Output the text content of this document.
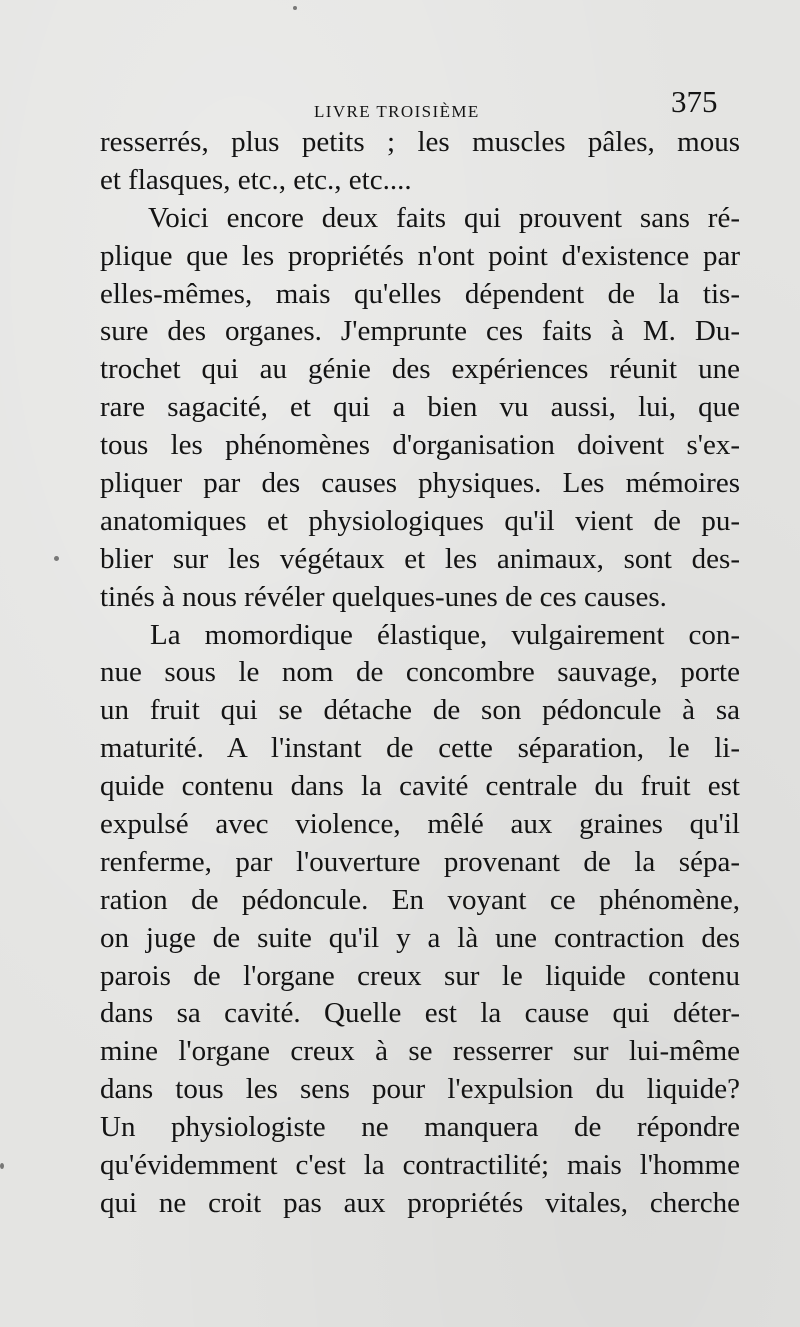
LIVRE TROISIÈME	375
resserrés, plus petits ; les muscles pâles, mous
et flasques, etc., etc., etc....
Voici encore deux faits qui prouvent sans ré-
plique que les propriétés n'ont point d'existence par
elles-mêmes, mais qu'elles dépendent de la tis-
sure des organes. J'emprunte ces faits à M. Du-
trochet qui au génie des expériences réunit une
rare sagacité, et qui a bien vu aussi, lui, que
tous les phénomènes d'organisation doivent s'ex-
pliquer par des causes physiques. Les mémoires
anatomiques et physiologiques qu'il vient de pu-
blier sur les végétaux et les animaux, sont des-
tinés à nous révéler quelques-unes de ces causes.
La momordique élastique, vulgairement con-
nue sous le nom de concombre sauvage, porte
un fruit qui se détache de son pédoncule à sa
maturité. A l'instant de cette séparation, le li-
quide contenu dans la cavité centrale du fruit est
expulsé avec violence, mêlé aux graines qu'il
renferme, par l'ouverture provenant de la sépa-
ration de pédoncule. En voyant ce phénomène,
on juge de suite qu'il y a là une contraction des
parois de l'organe creux sur le liquide contenu
dans sa cavité. Quelle est la cause qui déter-
mine l'organe creux à se resserrer sur lui-même
dans tous les sens pour l'expulsion du liquide?
Un physiologiste ne manquera de répondre
qu'évidemment c'est la contractilité; mais l'homme
qui ne croit pas aux propriétés vitales, cherche
